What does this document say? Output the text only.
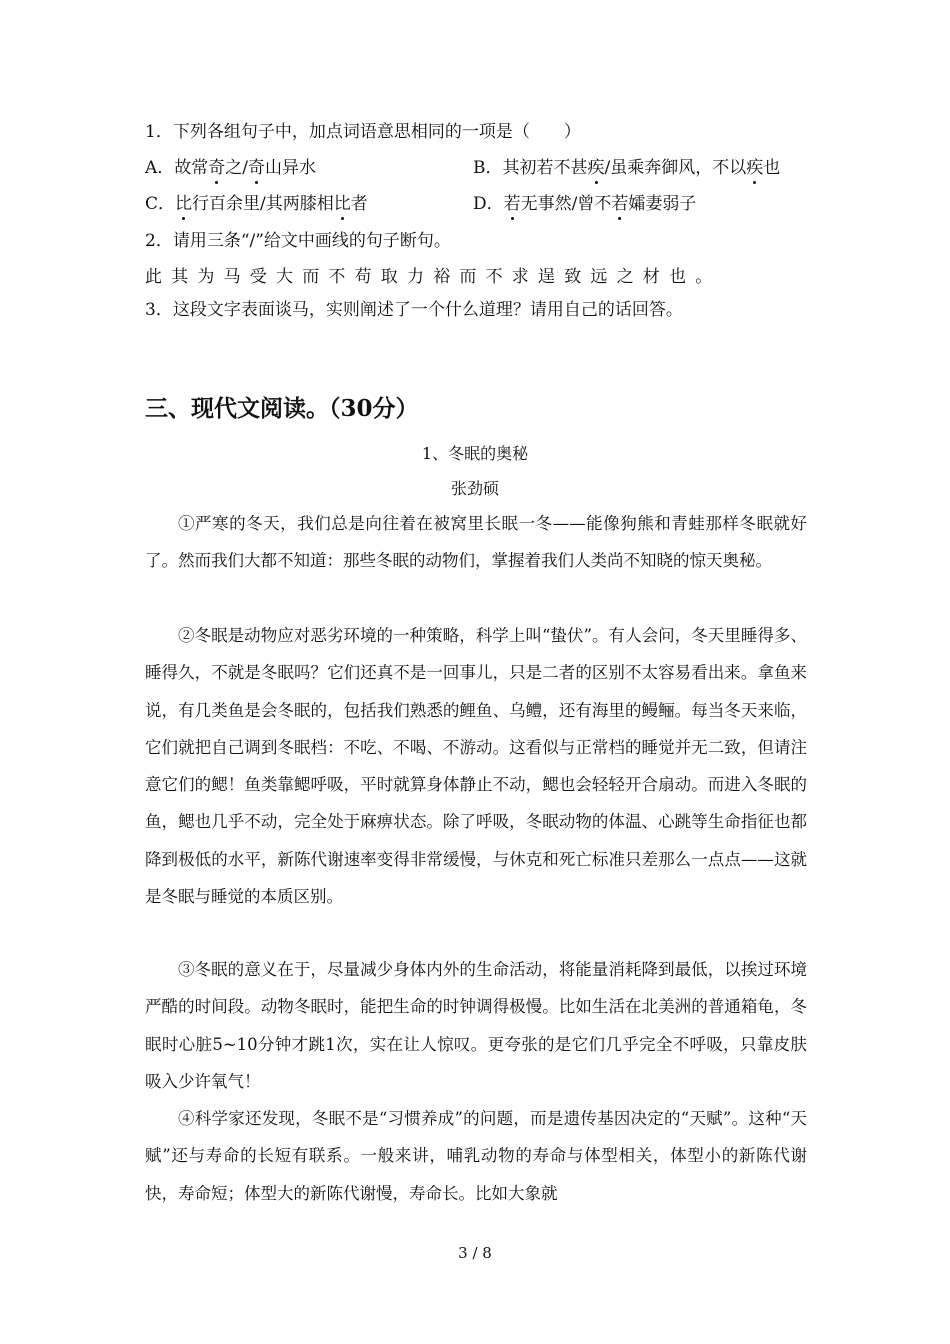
1．下列各组句子中，加点词语意思相同的一项是（　　）
A．故常奇之/奇山异水	B．其初若不甚疾/虽乘奔御风，不以疾也
C．比行百余里/其两膝相比者	D．若无事然/曾不若孀妻弱子
2．请用三条“/”给文中画线的句子断句。
此其为马受大而不苟取力裕而不求逞致远之材也。
3．这段文字表面谈马，实则阐述了一个什么道理？请用自己的话回答。
三、现代文阅读。（30分）
1、冬眠的奥秘
张劲硕

①严寒的冬天，我们总是向往着在被窝里长眠一冬——能像狗熊和青蛙那样冬眠就好了。然而我们大都不知道：那些冬眠的动物们，掌握着我们人类尚不知晓的惊天奥秘。

②冬眠是动物应对恶劣环境的一种策略，科学上叫“蛰伏”。有人会问，冬天里睡得多、睡得久，不就是冬眠吗？它们还真不是一回事儿，只是二者的区别不太容易看出来。拿鱼来说，有几类鱼是会冬眠的，包括我们熟悉的鲤鱼、乌鳢，还有海里的鳗鲡。每当冬天来临，它们就把自己调到冬眠档：不吃、不喝、不游动。这看似与正常档的睡觉并无二致，但请注意它们的鳃！鱼类靠鳃呼吸，平时就算身体静止不动，鳃也会轻轻开合扇动。而进入冬眠的鱼，鳃也几乎不动，完全处于麻痹状态。除了呼吸，冬眠动物的体温、心跳等生命指征也都降到极低的水平，新陈代谢速率变得非常缓慢，与休克和死亡标准只差那么一点点——这就是冬眠与睡觉的本质区别。

③冬眠的意义在于，尽量减少身体内外的生命活动，将能量消耗降到最低，以挨过环境严酷的时间段。动物冬眠时，能把生命的时钟调得极慢。比如生活在北美洲的普通箱龟，冬眠时心脏5~10分钟才跳1次，实在让人惊叹。更夸张的是它们几乎完全不呼吸，只靠皮肤吸入少许氧气！

④科学家还发现，冬眠不是“习惯养成”的问题，而是遗传基因决定的“天赋”。这种“天赋”还与寿命的长短有联系。一般来讲，哺乳动物的寿命与体型相关，体型小的新陈代谢快，寿命短；体型大的新陈代谢慢，寿命长。比如大象就

3 / 8
